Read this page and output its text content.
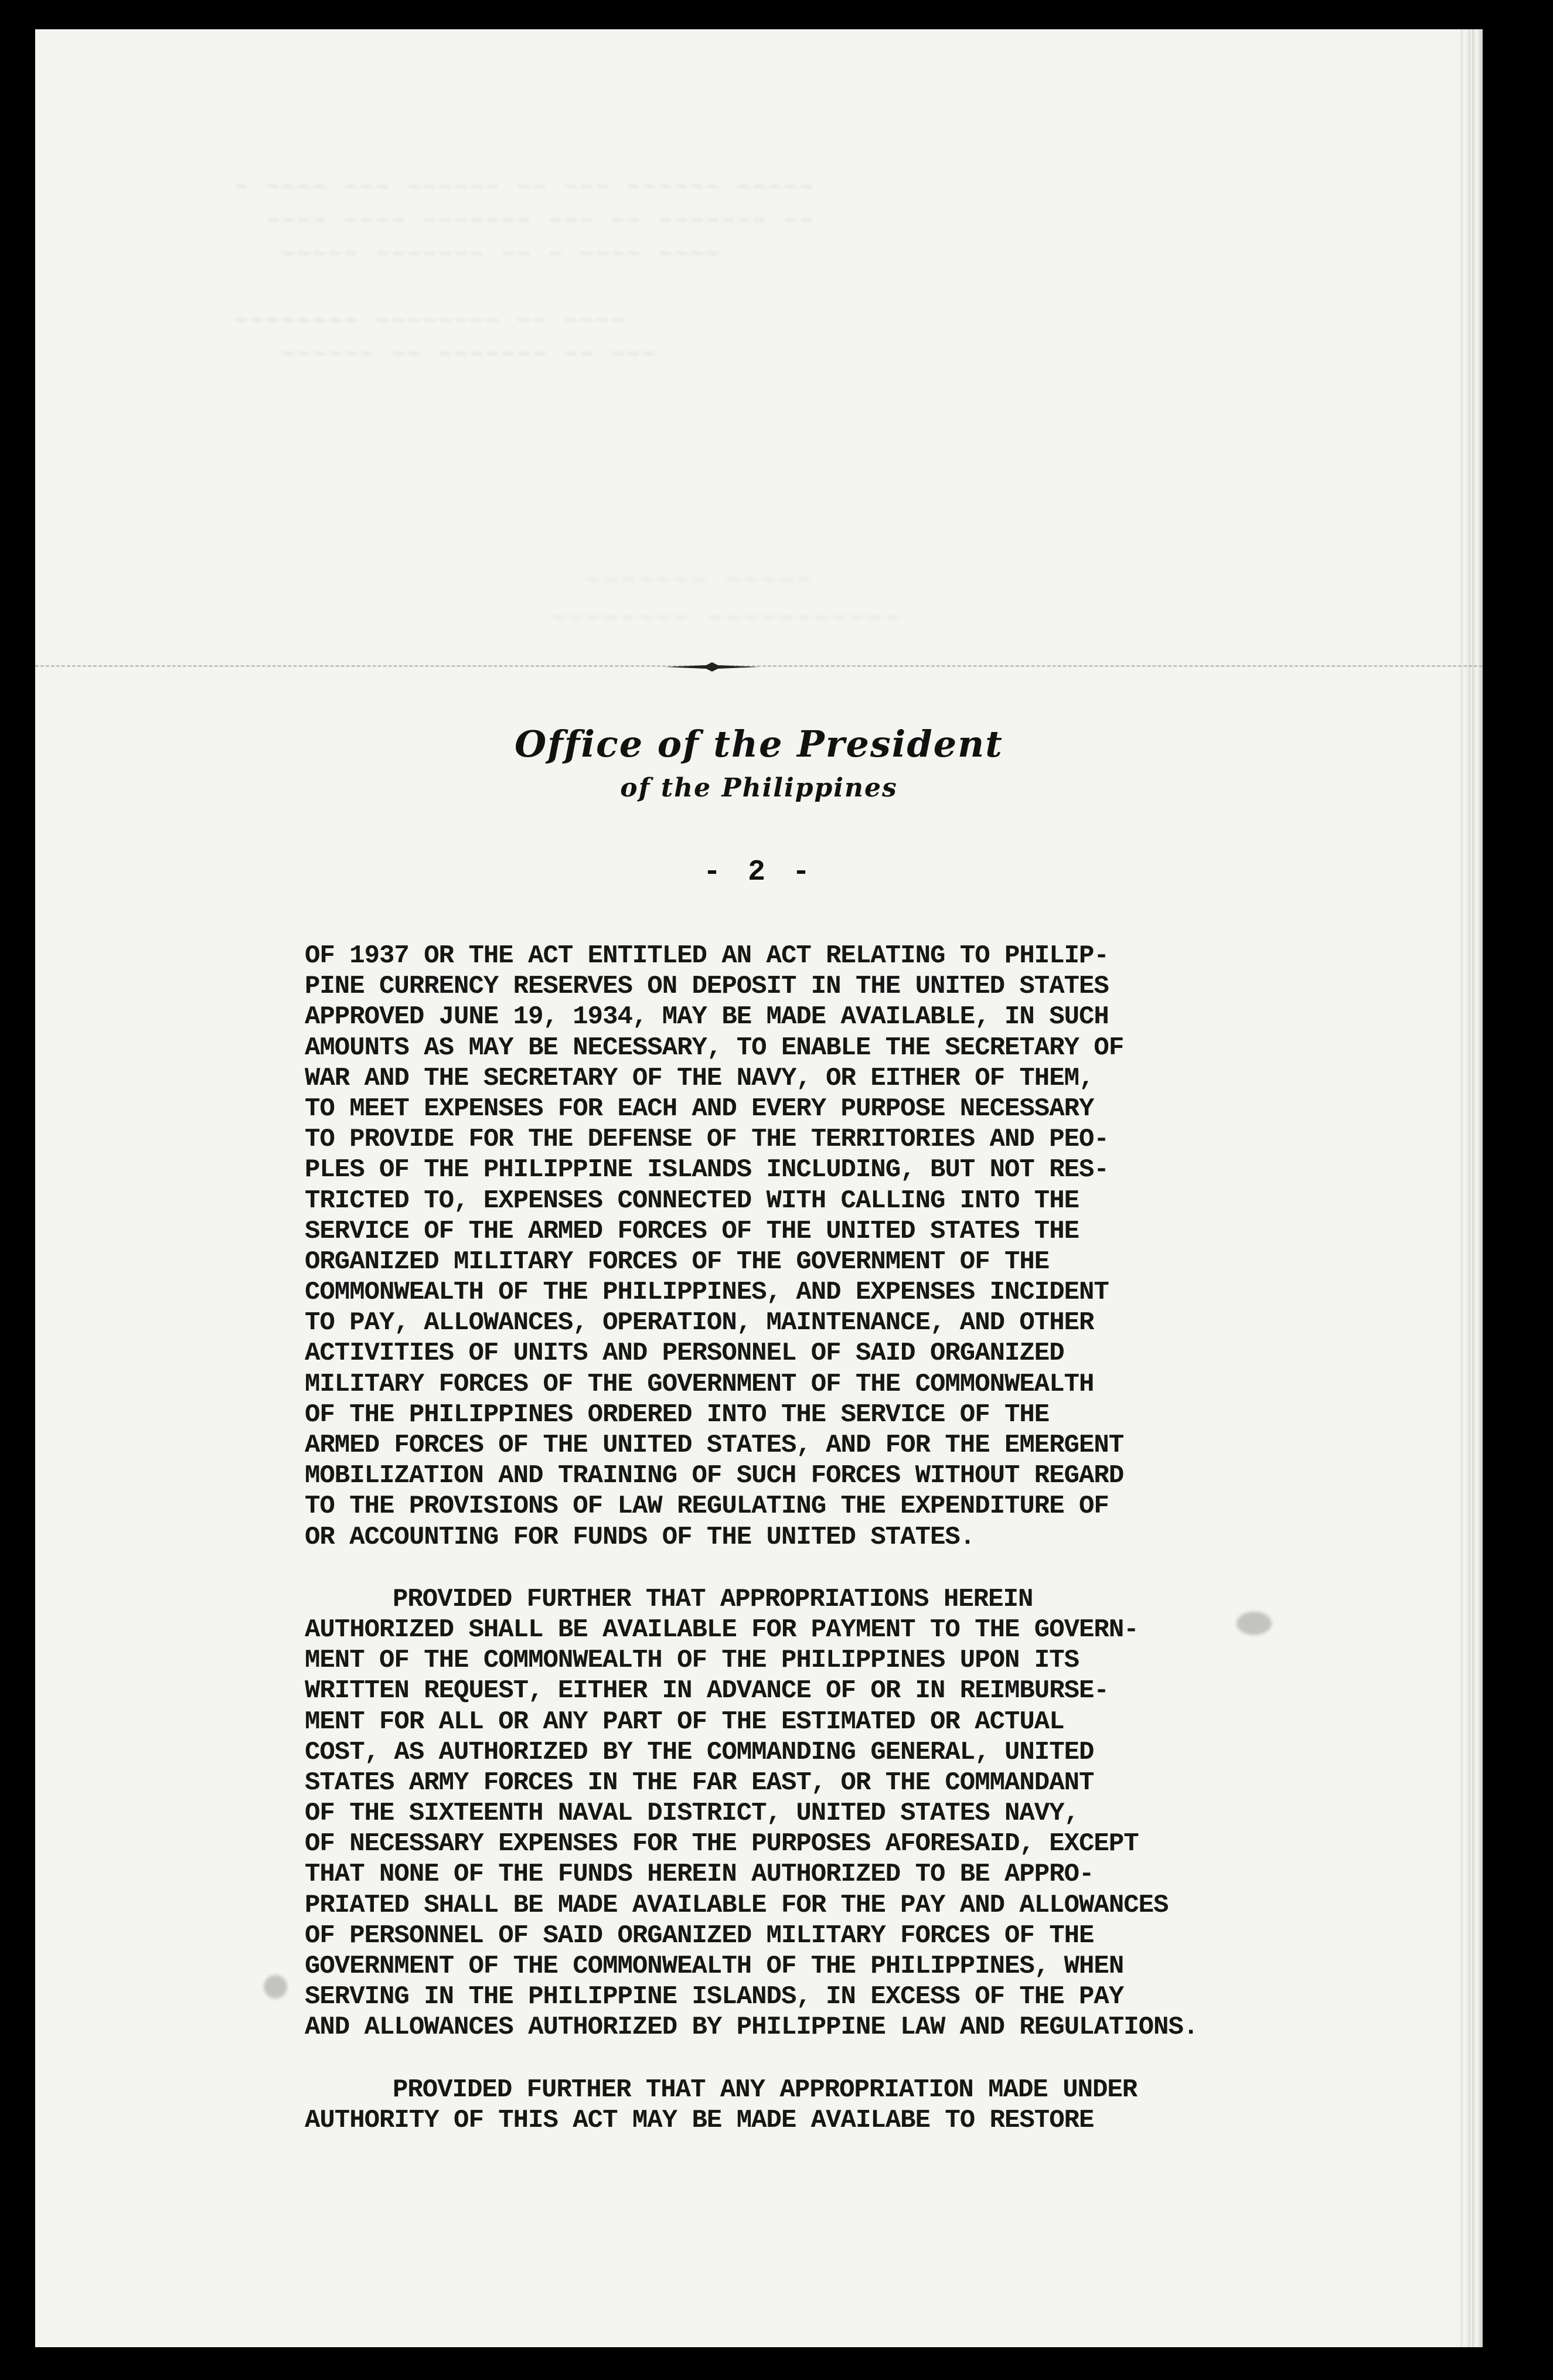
~ ~~~~ ~~~ ~~~~~~ ~~ ~~~ ~~~~~~ ~~~~~
~~~~ ~~~~ ~~~~~~~ ~~~ ~~ ~~~~~~~ ~~
~~~~~ ~~~~~~~ ~~ ~ ~~~~ ~~~~

~~~~~~~~ ~~~~~~~~ ~~ ~~~~
~~~~~~ ~~ ~~~~~~~ ~~ ~~~
~~~~~~~ ~~~~~
~~~~~~~~ ~~~~~~~~~~~
Office of the President
of the Philippines
- 2 -
OF 1937 OR THE ACT ENTITLED AN ACT RELATING TO PHILIP-
PINE CURRENCY RESERVES ON DEPOSIT IN THE UNITED STATES
APPROVED JUNE 19, 1934, MAY BE MADE AVAILABLE, IN SUCH
AMOUNTS AS MAY BE NECESSARY, TO ENABLE THE SECRETARY OF
WAR AND THE SECRETARY OF THE NAVY, OR EITHER OF THEM,
TO MEET EXPENSES FOR EACH AND EVERY PURPOSE NECESSARY
TO PROVIDE FOR THE DEFENSE OF THE TERRITORIES AND PEO-
PLES OF THE PHILIPPINE ISLANDS INCLUDING, BUT NOT RES-
TRICTED TO, EXPENSES CONNECTED WITH CALLING INTO THE
SERVICE OF THE ARMED FORCES OF THE UNITED STATES THE
ORGANIZED MILITARY FORCES OF THE GOVERNMENT OF THE
COMMONWEALTH OF THE PHILIPPINES, AND EXPENSES INCIDENT
TO PAY, ALLOWANCES, OPERATION, MAINTENANCE, AND OTHER
ACTIVITIES OF UNITS AND PERSONNEL OF SAID ORGANIZED
MILITARY FORCES OF THE GOVERNMENT OF THE COMMONWEALTH
OF THE PHILIPPINES ORDERED INTO THE SERVICE OF THE
ARMED FORCES OF THE UNITED STATES, AND FOR THE EMERGENT
MOBILIZATION AND TRAINING OF SUCH FORCES WITHOUT REGARD
TO THE PROVISIONS OF LAW REGULATING THE EXPENDITURE OF
OR ACCOUNTING FOR FUNDS OF THE UNITED STATES.
PROVIDED FURTHER THAT APPROPRIATIONS HEREIN
AUTHORIZED SHALL BE AVAILABLE FOR PAYMENT TO THE GOVERN-
MENT OF THE COMMONWEALTH OF THE PHILIPPINES UPON ITS
WRITTEN REQUEST, EITHER IN ADVANCE OF OR IN REIMBURSE-
MENT FOR ALL OR ANY PART OF THE ESTIMATED OR ACTUAL
COST, AS AUTHORIZED BY THE COMMANDING GENERAL, UNITED
STATES ARMY FORCES IN THE FAR EAST, OR THE COMMANDANT
OF THE SIXTEENTH NAVAL DISTRICT, UNITED STATES NAVY,
OF NECESSARY EXPENSES FOR THE PURPOSES AFORESAID, EXCEPT
THAT NONE OF THE FUNDS HEREIN AUTHORIZED TO BE APPRO-
PRIATED SHALL BE MADE AVAILABLE FOR THE PAY AND ALLOWANCES
OF PERSONNEL OF SAID ORGANIZED MILITARY FORCES OF THE
GOVERNMENT OF THE COMMONWEALTH OF THE PHILIPPINES, WHEN
SERVING IN THE PHILIPPINE ISLANDS, IN EXCESS OF THE PAY
AND ALLOWANCES AUTHORIZED BY PHILIPPINE LAW AND REGULATIONS.
PROVIDED FURTHER THAT ANY APPROPRIATION MADE UNDER
AUTHORITY OF THIS ACT MAY BE MADE AVAILABE TO RESTORE
